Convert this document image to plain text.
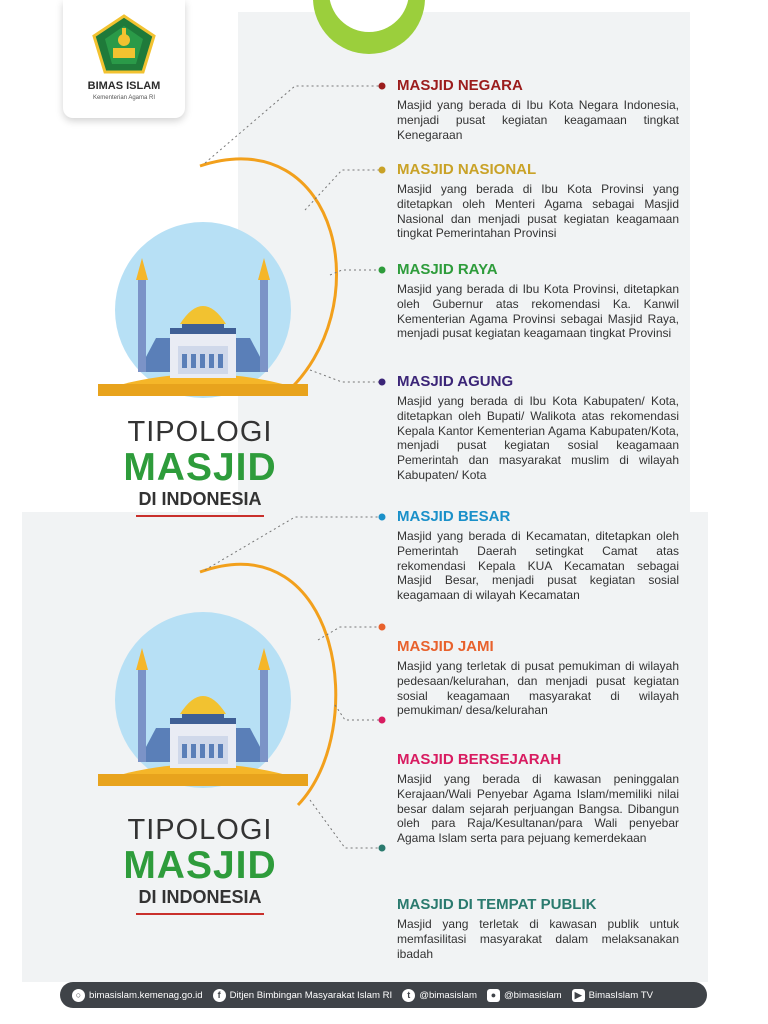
BIMAS ISLAM
Kementerian Agama RI
TIPOLOGI
MASJID
DI INDONESIA
TIPOLOGI
MASJID
DI INDONESIA
MASJID NEGARA
Masjid yang berada di Ibu Kota Negara Indonesia, menjadi pusat kegiatan keagamaan tingkat Kenegaraan
MASJID NASIONAL
Masjid yang berada di Ibu Kota Provinsi yang ditetapkan oleh Menteri Agama sebagai Masjid Nasional dan menjadi pusat kegiatan keagamaan tingkat Pemerintahan Provinsi
MASJID RAYA
Masjid yang berada di Ibu Kota Provinsi, ditetapkan oleh Gubernur atas rekomendasi Ka. Kanwil Kementerian Agama Provinsi sebagai Masjid Raya, menjadi pusat kegiatan keagamaan tingkat Provinsi
MASJID AGUNG
Masjid yang berada di Ibu Kota Kabupaten/ Kota, ditetapkan oleh Bupati/ Walikota atas rekomendasi Kepala Kantor Kementerian Agama Kabupaten/Kota, menjadi pusat kegiatan sosial keagamaan Pemerintah dan masyarakat muslim di wilayah Kabupaten/ Kota
MASJID BESAR
Masjid yang berada di Kecamatan, ditetapkan oleh Pemerintah Daerah setingkat Camat atas rekomendasi Kepala KUA Kecamatan sebagai Masjid Besar, menjadi pusat kegiatan sosial keagamaan di wilayah Kecamatan
MASJID JAMI
Masjid yang terletak di pusat pemukiman di wilayah pedesaan/kelurahan, dan menjadi pusat kegiatan sosial keagamaan masyarakat di wilayah pemukiman/ desa/kelurahan
MASJID BERSEJARAH
Masjid yang berada di kawasan peninggalan Kerajaan/Wali Penyebar Agama Islam/memiliki nilai besar dalam sejarah perjuangan Bangsa. Dibangun oleh para Raja/Kesultanan/para Wali penyebar Agama Islam serta para pejuang kemerdekaan
MASJID DI TEMPAT PUBLIK
Masjid yang terletak di kawasan publik untuk memfasilitasi masyarakat dalam melaksanakan ibadah
○ bimasislam.kemenag.go.id	f Ditjen Bimbingan Masyarakat Islam RI	t @bimasislam	● @bimasislam	▶ BimasIslam TV
